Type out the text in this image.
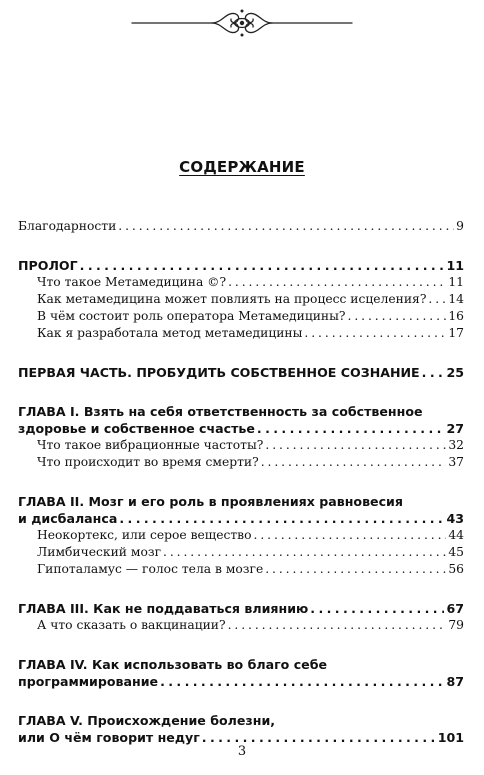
СОДЕРЖАНИЕ
Благодарности . . .	9
ПРОЛОГ . . .	11
Что такое Метамедицина ©? . . .	11
Как метамедицина может повлиять на процесс исцеления? . . . 14
В чём состоит роль оператора Метамедицины? . . .	16
Как я разработала метод метамедицины . . .	17
ПЕРВАЯ ЧАСТЬ. ПРОБУДИТЬ СОБСТВЕННОЕ СОЗНАНИЕ . . . 25
ГЛАВА I. Взять на себя ответственность за собственное
здоровье и собственное счастье . . .	27
Что такое вибрационные частоты? . . .	32
Что происходит во время смерти? . . .	37
ГЛАВА II. Мозг и его роль в проявлениях равновесия
и дисбаланса . . .	43
Неокортекс, или серое вещество . . .	44
Лимбический мозг . . .	45
Гипоталамус — голос тела в мозге . . .	56
ГЛАВА III. Как не поддаваться влиянию . . .	67
А что сказать о вакцинации? . . .	79
ГЛАВА IV. Как использовать во благо себе
программирование . . .	87
ГЛАВА V. Происхождение болезни,
или О чём говорит недуг . . .	101
3
